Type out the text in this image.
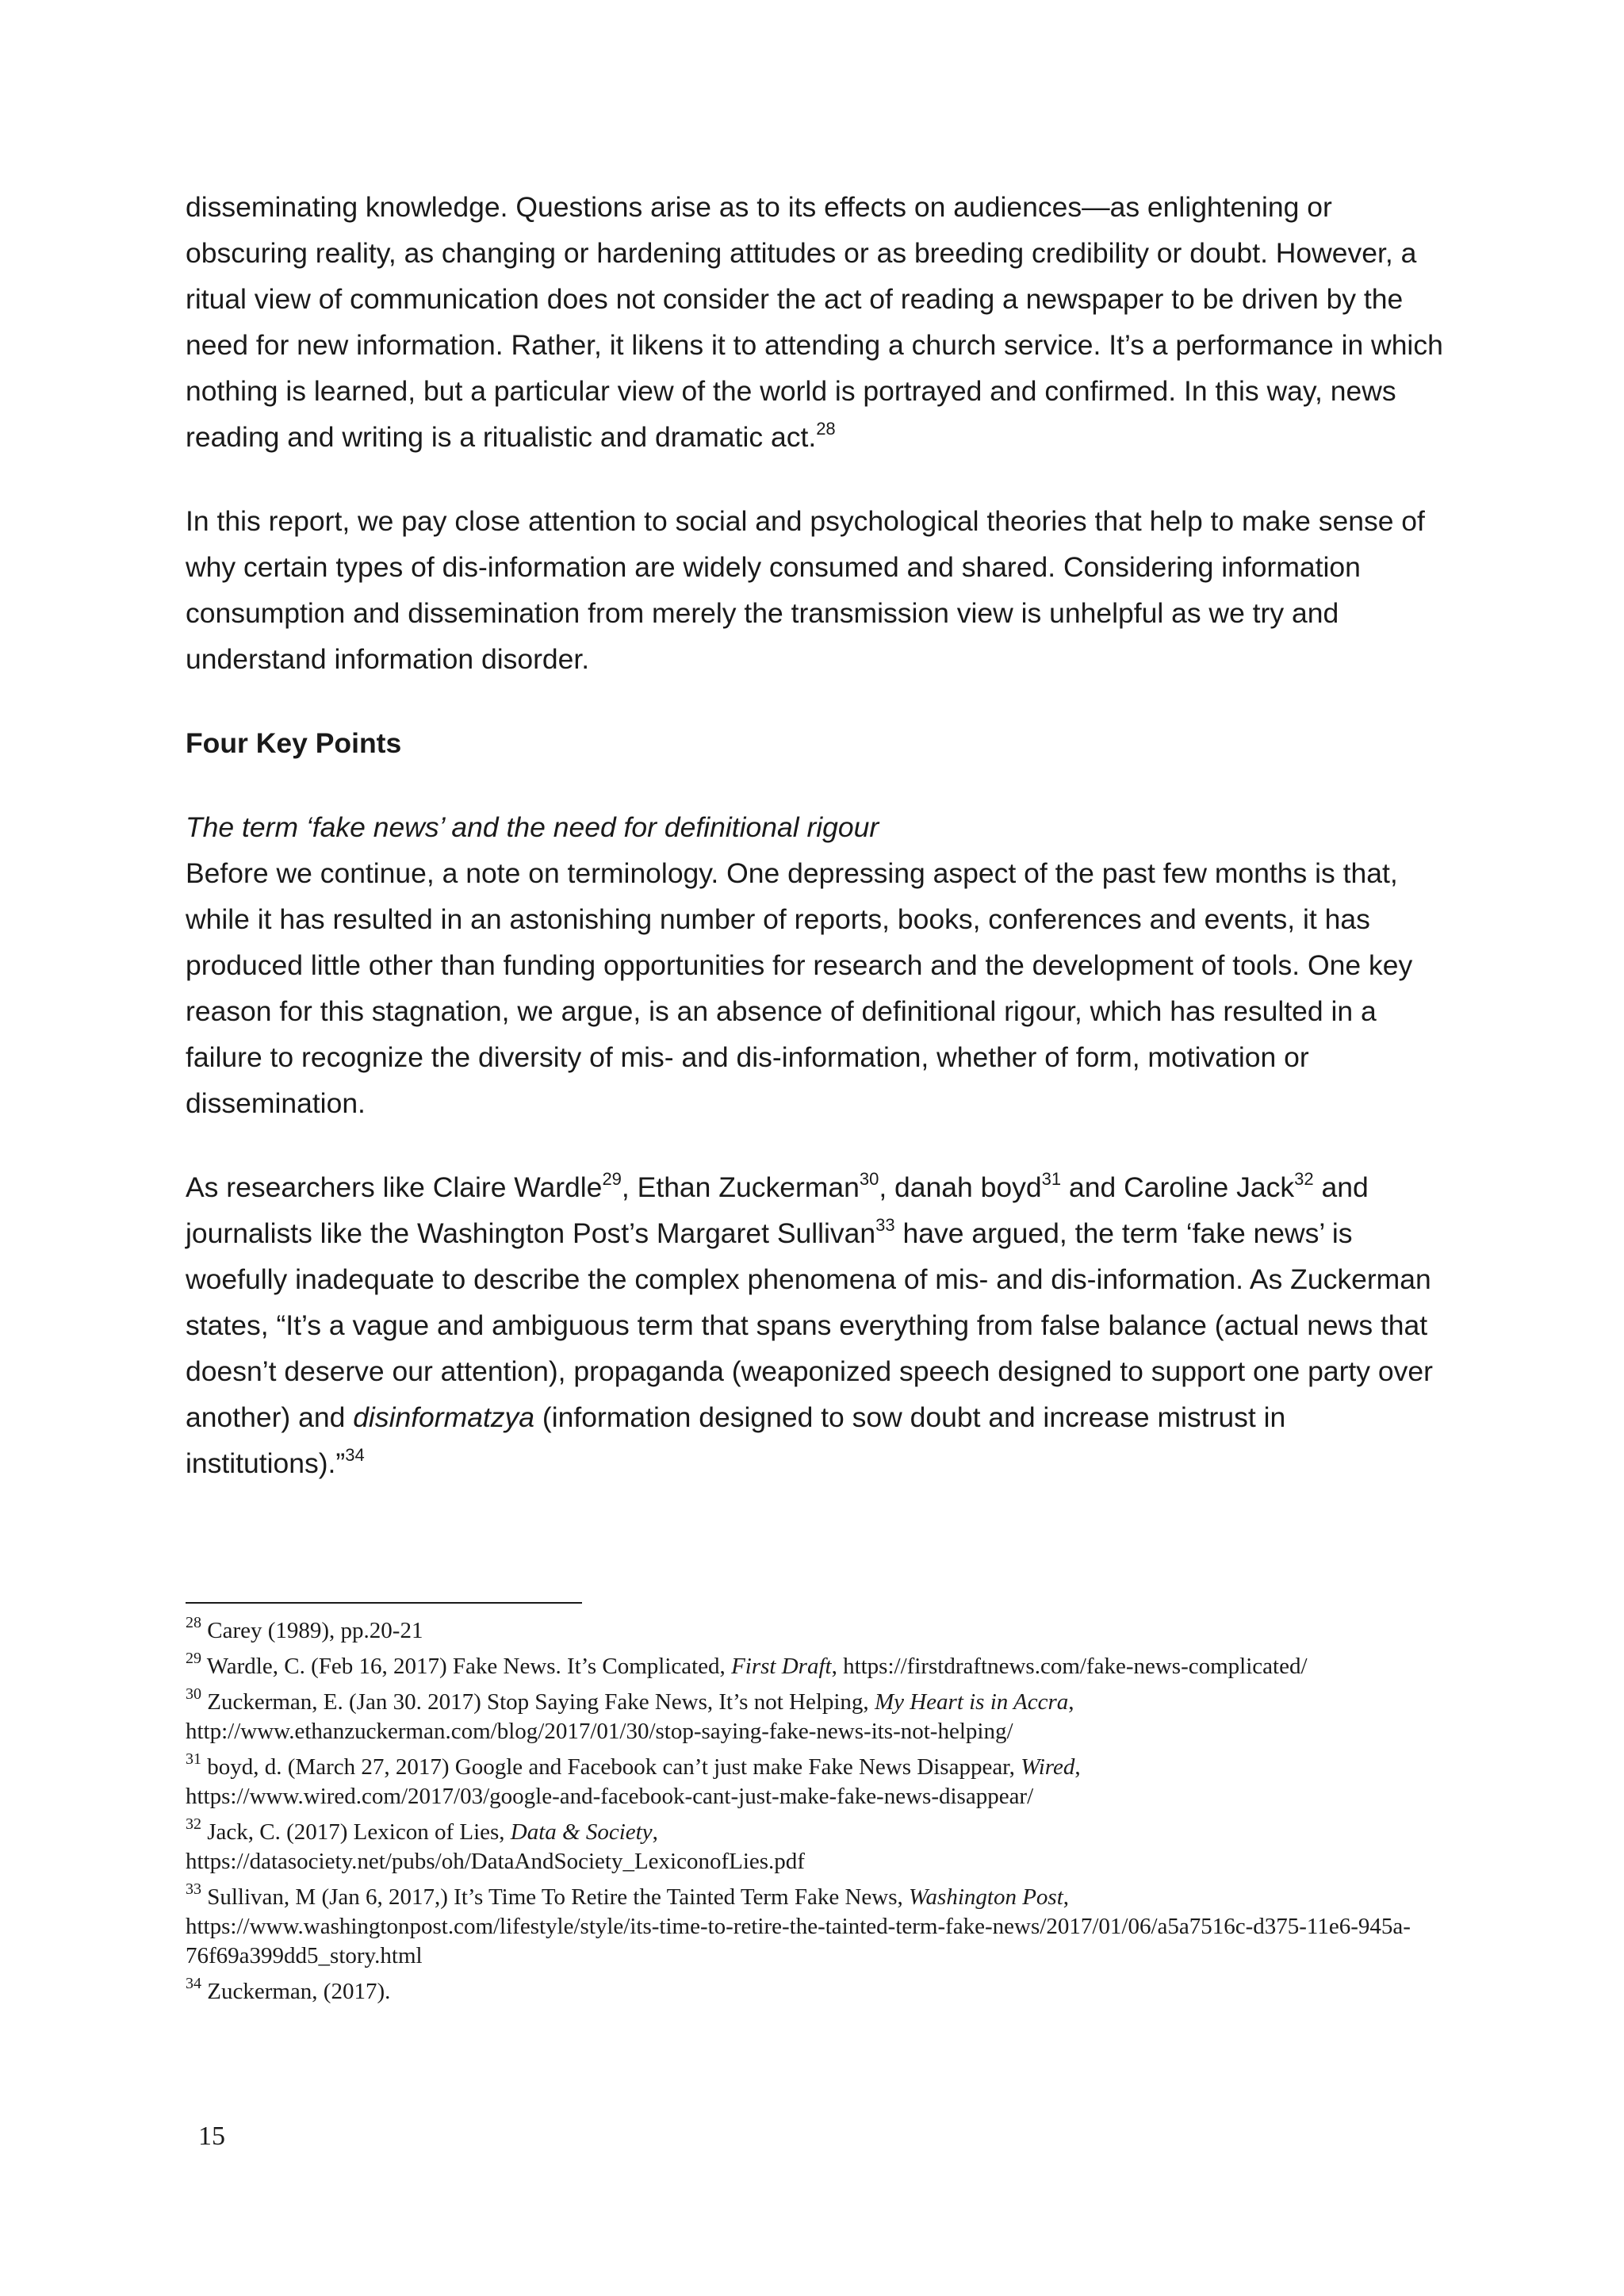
disseminating knowledge. Questions arise as to its effects on audiences—as enlightening or obscuring reality, as changing or hardening attitudes or as breeding credibility or doubt. However, a ritual view of communication does not consider the act of reading a newspaper to be driven by the need for new information. Rather, it likens it to attending a church service. It’s a performance in which nothing is learned, but a particular view of the world is portrayed and confirmed. In this way, news reading and writing is a ritualistic and dramatic act.$^{28}$

In this report, we pay close attention to social and psychological theories that help to make sense of why certain types of dis-information are widely consumed and shared. Considering information consumption and dissemination from merely the transmission view is unhelpful as we try and understand information disorder.

Four Key Points
The term ‘fake news’ and the need for definitional rigour

Before we continue, a note on terminology. One depressing aspect of the past few months is that, while it has resulted in an astonishing number of reports, books, conferences and events, it has produced little other than funding opportunities for research and the development of tools. One key reason for this stagnation, we argue, is an absence of definitional rigour, which has resulted in a failure to recognize the diversity of mis- and dis-information, whether of form, motivation or dissemination.

As researchers like Claire Wardle$^{29}$, Ethan Zuckerman$^{30}$, danah boyd$^{31}$ and Caroline Jack$^{32}$ and journalists like the Washington Post’s Margaret Sullivan$^{33}$ have argued, the term ‘fake news’ is woefully inadequate to describe the complex phenomena of mis- and dis-information. As Zuckerman states, “It’s a vague and ambiguous term that spans everything from false balance (actual news that doesn’t deserve our attention), propaganda (weaponized speech designed to support one party over another) and disinformatzya (information designed to sow doubt and increase mistrust in institutions).”$^{34}$

$^{28}$ Carey (1989), pp.20-21
$^{29}$ Wardle, C. (Feb 16, 2017) Fake News. It’s Complicated, First Draft, https://firstdraftnews.com/fake-news-complicated/
$^{30}$ Zuckerman, E. (Jan 30. 2017) Stop Saying Fake News, It’s not Helping, My Heart is in Accra,
http://www.ethanzuckerman.com/blog/2017/01/30/stop-saying-fake-news-its-not-helping/
$^{31}$ boyd, d. (March 27, 2017) Google and Facebook can’t just make Fake News Disappear, Wired,
https://www.wired.com/2017/03/google-and-facebook-cant-just-make-fake-news-disappear/
$^{32}$ Jack, C. (2017) Lexicon of Lies, Data & Society,
https://datasociety.net/pubs/oh/DataAndSociety_LexiconofLies.pdf
$^{33}$ Sullivan, M (Jan 6, 2017,) It’s Time To Retire the Tainted Term Fake News, Washington Post,
https://www.washingtonpost.com/lifestyle/style/its-time-to-retire-the-tainted-term-fake-news/2017/01/06/a5a7516c-d375-11e6-945a-76f69a399dd5_story.html
$^{34}$ Zuckerman, (2017).
15
